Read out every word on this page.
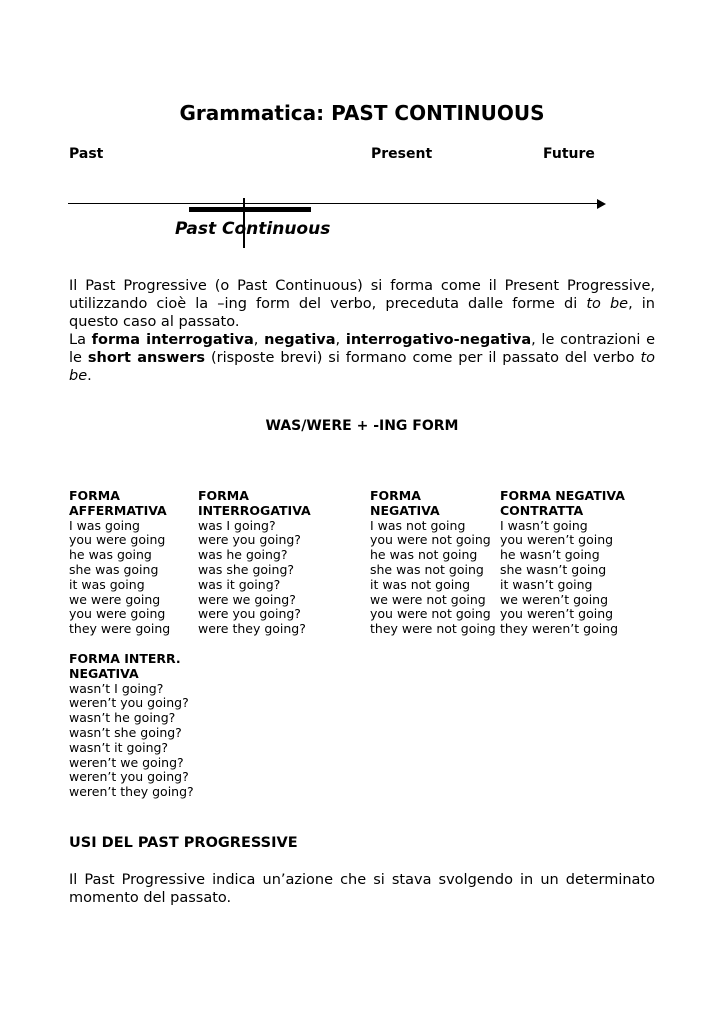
Grammatica: PAST CONTINUOUS
Past	Present	Future
Past Continuous
Il Past Progressive (o Past Continuous) si forma come il Present Progressive,
utilizzando cioè la –ing form del verbo, preceduta dalle forme di to be, in
questo caso al passato.
La forma interrogativa, negativa, interrogativo-negativa, le contrazioni e
le short answers (risposte brevi) si formano come per il passato del verbo to
be.
WAS/WERE + -ING FORM
FORMA
AFFERMATIVA
I was going
you were going
he was going
she was going
it was going
we were going
you were going
they were going
FORMA
INTERROGATIVA
was I going?
were you going?
was he going?
was she going?
was it going?
were we going?
were you going?
were they going?
FORMA
NEGATIVA
I was not going
you were not going
he was not going
she was not going
it was not going
we were not going
you were not going
they were not going
FORMA NEGATIVA
CONTRATTA
I wasn’t going
you weren’t going
he wasn’t going
she wasn’t going
it wasn’t going
we weren’t going
you weren’t going
they weren’t going
FORMA INTERR.
NEGATIVA
wasn’t I going?
weren’t you going?
wasn’t he going?
wasn’t she going?
wasn’t it going?
weren’t we going?
weren’t you going?
weren’t they going?
USI DEL PAST PROGRESSIVE
Il Past Progressive indica un’azione che si stava svolgendo in un determinato
momento del passato.
